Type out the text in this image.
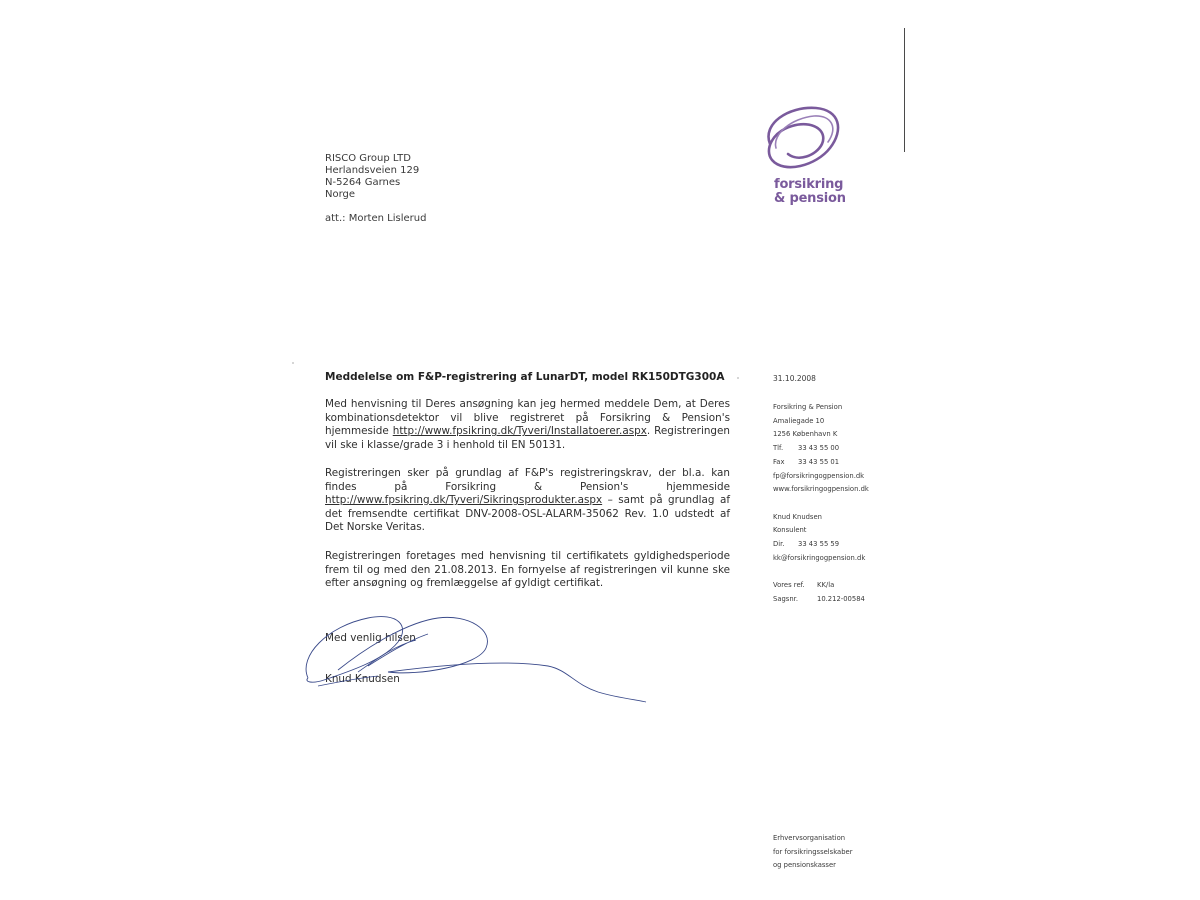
forsikring
& pension
RISCO Group LTD
Herlandsveien 129
N-5264 Garnes
Norge
att.: Morten Lislerud
Meddelelse om F&P-registrering af LunarDT, model RK150DTG300A
Med henvisning til Deres ansøgning kan jeg hermed meddele Dem, at Deres kombinationsdetektor vil blive registreret på Forsikring & Pension's hjemmeside http://www.fpsikring.dk/Tyveri/Installatoerer.aspx. Registreringen vil ske i klasse/grade 3 i henhold til EN 50131.
Registreringen sker på grundlag af F&P's registreringskrav, der bl.a. kan findes på Forsikring & Pension's hjemmeside http://www.fpsikring.dk/Tyveri/Sikringsprodukter.aspx – samt på grundlag af det fremsendte certifikat DNV-2008-OSL-ALARM-35062 Rev. 1.0 udstedt af Det Norske Veritas.
Registreringen foretages med henvisning til certifikatets gyldighedsperiode frem til og med den 21.08.2013. En fornyelse af registreringen vil kunne ske efter ansøgning og fremlæggelse af gyldigt certifikat.
Med venlig hilsen
Knud Knudsen
31.10.2008
Forsikring & Pension
Amaliegade 10
1256 København K
Tlf. 33 43 55 00
Fax 33 43 55 01
fp@forsikringogpension.dk
www.forsikringogpension.dk
Knud Knudsen
Konsulent
Dir. 33 43 55 59
kk@forsikringogpension.dk
Vores ref. KK/la
Sagsnr.	10.212-00584
Erhvervsorganisation
for forsikringsselskaber
og pensionskasser
